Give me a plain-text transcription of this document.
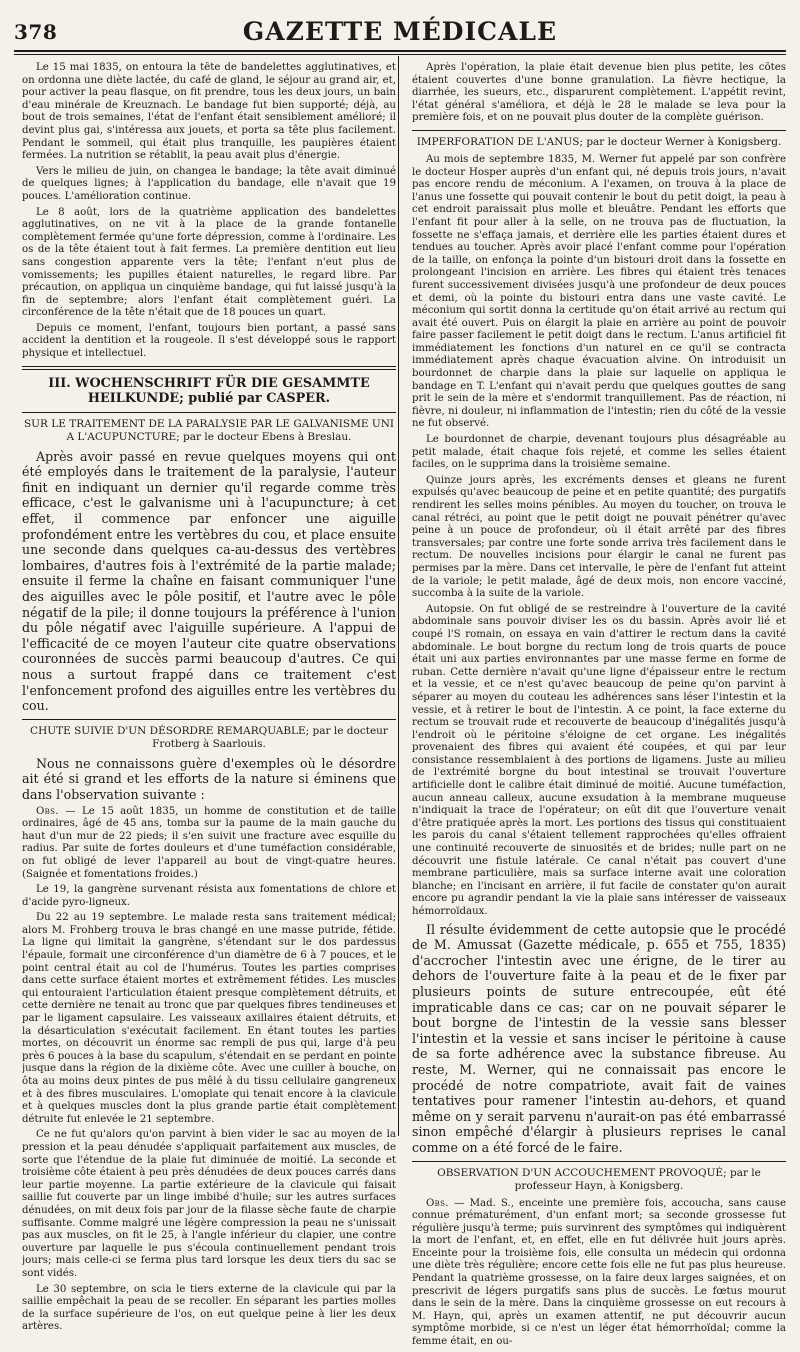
378	GAZETTE MÉDICALE

Le 15 mai 1835, on entoura la tête de bandelettes agglutinatives, et on ordonna une diète lactée, du café de gland, le séjour au grand air, et, pour activer la peau flasque, on fit prendre, tous les deux jours, un bain d'eau minérale de Kreuznach. Le bandage fut bien supporté; déjà, au bout de trois semaines, l'état de l'enfant était sensiblement amélioré; il devint plus gai, s'intéressa aux jouets, et porta sa tête plus facilement. Pendant le sommeil, qui était plus tranquille, les paupières étaient fermées. La nutrition se rétablit, la peau avait plus d'énergie.

Vers le milieu de juin, on changea le bandage; la tête avait diminué de quelques lignes; à l'application du bandage, elle n'avait que 19 pouces. L'amélioration continue.

Le 8 août, lors de la quatrième application des bandelettes agglutinatives, on ne vit à la place de la grande fontanelle complètement fermée qu'une forte dépression, comme à l'ordinaire. Les os de la tête étaient tout à fait fermes. La première dentition eut lieu sans congestion apparente vers la tête; l'enfant n'eut plus de vomissements; les pupilles étaient naturelles, le regard libre. Par précaution, on appliqua un cinquième bandage, qui fut laissé jusqu'à la fin de septembre; alors l'enfant était complètement guéri. La circonférence de la tête n'était que de 18 pouces un quart.

Depuis ce moment, l'enfant, toujours bien portant, a passé sans accident la dentition et la rougeole. Il s'est développé sous le rapport physique et intellectuel.

III. WOCHENSCHRIFT FÜR DIE GESAMMTE HEILKUNDE; publié par CASPER.

SUR LE TRAITEMENT DE LA PARALYSIE PAR LE GALVANISME UNI A L'ACUPUNCTURE; par le docteur Ebens à Breslau.

Après avoir passé en revue quelques moyens qui ont été employés dans le traitement de la paralysie, l'auteur finit en indiquant un dernier qu'il regarde comme très efficace, c'est le galvanisme uni à l'acupuncture; à cet effet, il commence par enfoncer une aiguille profondément entre les vertèbres du cou, et place ensuite une seconde dans quelques ca-au-dessus des vertèbres lombaires, d'autres fois à l'extrémité de la partie malade; ensuite il ferme la chaîne en faisant communiquer l'une des aiguilles avec le pôle positif, et l'autre avec le pôle négatif de la pile; il donne toujours la préférence à l'union du pôle négatif avec l'aiguille supérieure. A l'appui de l'efficacité de ce moyen l'auteur cite quatre observations couronnées de succès parmi beaucoup d'autres. Ce qui nous a surtout frappé dans ce traitement c'est l'enfoncement profond des aiguilles entre les vertèbres du cou.

CHUTE SUIVIE D'UN DÉSORDRE REMARQUABLE; par le docteur Frotberg à Saarlouis.

Nous ne connaissons guère d'exemples où le désordre ait été si grand et les efforts de la nature si éminens que dans l'observation suivante :

Obs. — Le 15 août 1835, un homme de constitution et de taille ordinaires, âgé de 45 ans, tomba sur la paume de la main gauche du haut d'un mur de 22 pieds; il s'en suivit une fracture avec esquille du radius. Par suite de fortes douleurs et d'une tuméfaction considérable, on fut obligé de lever l'appareil au bout de vingt-quatre heures. (Saignée et fomentations froides.)

Le 19, la gangrène survenant résista aux fomentations de chlore et d'acide pyro-ligneux.

Du 22 au 19 septembre. Le malade resta sans traitement médical; alors M. Frohberg trouva le bras changé en une masse putride, fétide. La ligne qui limitait la gangrène, s'étendant sur le dos pardessus l'épaule, formait une circonférence d'un diamètre de 6 à 7 pouces, et le point central était au col de l'humérus. Toutes les parties comprises dans cette surface étaient mortes et extrêmement fétides. Les muscles qui entouraient l'articulation étaient presque complètement détruits, et cette dernière ne tenait au tronc que par quelques fibres tendineuses et par le ligament capsulaire. Les vaisseaux axillaires étaient détruits, et la désarticulation s'exécutait facilement. En étant toutes les parties mortes, on découvrit un énorme sac rempli de pus qui, large d'à peu près 6 pouces à la base du scapulum, s'étendait en se perdant en pointe jusque dans la région de la dixième côte. Avec une cuiller à bouche, on ôta au moins deux pintes de pus mêlé à du tissu cellulaire gangreneux et à des fibres musculaires. L'omoplate qui tenait encore à la clavicule et à quelques muscles dont la plus grande partie était complètement détruite fut enlevée le 21 septembre.

Ce ne fut qu'alors qu'on parvint à bien vider le sac au moyen de la pression et la peau dénudée s'appliquait parfaitement aux muscles, de sorte que l'étendue de la plaie fut diminuée de moitié. La seconde et troisième côte étaient à peu près dénudées de deux pouces carrés dans leur partie moyenne. La partie extérieure de la clavicule qui faisait saillie fut couverte par un linge imbibé d'huile; sur les autres surfaces dénudées, on mit deux fois par jour de la filasse sèche faute de charpie suffisante. Comme malgré une légère compression la peau ne s'unissait pas aux muscles, on fit le 25, à l'angle inférieur du clapier, une contre ouverture par laquelle le pus s'écoula continuellement pendant trois jours; mais celle-ci se ferma plus tard lorsque les deux tiers du sac se sont vidés.

Le 30 septembre, on scia le tiers externe de la clavicule qui par la saillie empêchait la peau de se recoller. En séparant les parties molles de la surface supérieure de l'os, on eut quelque peine à lier les deux artères.

Après l'opération, la plaie était devenue bien plus petite, les côtes étaient couvertes d'une bonne granulation. La fièvre hectique, la diarrhée, les sueurs, etc., disparurent complètement. L'appétit revint, l'état général s'améliora, et déjà le 28 le malade se leva pour la première fois, et on ne pouvait plus douter de la complète guérison.

IMPERFORATION DE L'ANUS; par le docteur Werner à Konigsberg.

Au mois de septembre 1835, M. Werner fut appelé par son confrère le docteur Hosper auprès d'un enfant qui, né depuis trois jours, n'avait pas encore rendu de méconium. A l'examen, on trouva à la place de l'anus une fossette qui pouvait contenir le bout du petit doigt, la peau à cet endroit paraissait plus molle et bleuâtre. Pendant les efforts que l'enfant fit pour aller à la selle, on ne trouva pas de fluctuation, la fossette ne s'effaça jamais, et derrière elle les parties étaient dures et tendues au toucher. Après avoir placé l'enfant comme pour l'opération de la taille, on enfonça la pointe d'un bistouri droit dans la fossette en prolongeant l'incision en arrière. Les fibres qui étaient très tenaces furent successivement divisées jusqu'à une profondeur de deux pouces et demi, où la pointe du bistouri entra dans une vaste cavité. Le méconium qui sortit donna la certitude qu'on était arrivé au rectum qui avait été ouvert. Puis on élargit la plaie en arrière au point de pouvoir faire passer facilement le petit doigt dans le rectum. L'anus artificiel fit immédiatement les fonctions d'un naturel en ce qu'il se contracta immédiatement après chaque évacuation alvine. On introduisit un bourdonnet de charpie dans la plaie sur laquelle on appliqua le bandage en T. L'enfant qui n'avait perdu que quelques gouttes de sang prit le sein de la mère et s'endormit tranquillement. Pas de réaction, ni fièvre, ni douleur, ni inflammation de l'intestin; rien du côté de la vessie ne fut observé.

Le bourdonnet de charpie, devenant toujours plus désagréable au petit malade, était chaque fois rejeté, et comme les selles étaient faciles, on le supprima dans la troisième semaine.

Quinze jours après, les excréments denses et gleans ne furent expulsés qu'avec beaucoup de peine et en petite quantité; des purgatifs rendirent les selles moins pénibles. Au moyen du toucher, on trouva le canal rétréci, au point que le petit doigt ne pouvait pénétrer qu'avec peine à un pouce de profondeur, où il était arrêté par des fibres transversales; par contre une forte sonde arriva très facilement dans le rectum. De nouvelles incisions pour élargir le canal ne furent pas permises par la mère. Dans cet intervalle, le père de l'enfant fut atteint de la variole; le petit malade, âgé de deux mois, non encore vacciné, succomba à la suite de la variole.

Autopsie. On fut obligé de se restreindre à l'ouverture de la cavité abdominale sans pouvoir diviser les os du bassin. Après avoir lié et coupé l'S romain, on essaya en vain d'attirer le rectum dans la cavité abdominale. Le bout borgne du rectum long de trois quarts de pouce était uni aux parties environnantes par une masse ferme en forme de ruban. Cette dernière n'avait qu'une ligne d'épaisseur entre le rectum et la vessie, et ce n'est qu'avec beaucoup de peine qu'on parvint à séparer au moyen du couteau les adhérences sans léser l'intestin et la vessie, et à retirer le bout de l'intestin. A ce point, la face externe du rectum se trouvait rude et recouverte de beaucoup d'inégalités jusqu'à l'endroit où le péritoine s'éloigne de cet organe. Les inégalités provenaient des fibres qui avaient été coupées, et qui par leur consistance ressemblaient à des portions de ligamens. Juste au milieu de l'extrémité borgne du bout intestinal se trouvait l'ouverture artificielle dont le calibre était diminué de moitié. Aucune tuméfaction, aucun anneau calleux, aucune exsudation à la membrane muqueuse n'indiquait la trace de l'opérateur; on eût dit que l'ouverture venait d'être pratiquée après la mort. Les portions des tissus qui constituaient les parois du canal s'étaient tellement rapprochées qu'elles offraient une continuité recouverte de sinuosités et de brides; nulle part on ne découvrit une fistule latérale. Ce canal n'était pas couvert d'une membrane particulière, mais sa surface interne avait une coloration blanche; en l'incisant en arrière, il fut facile de constater qu'on aurait encore pu agrandir pendant la vie la plaie sans intéresser de vaisseaux hémorroïdaux.

Il résulte évidemment de cette autopsie que le procédé de M. Amussat (Gazette médicale, p. 655 et 755, 1835) d'accrocher l'intestin avec une érigne, de le tirer au dehors de l'ouverture faite à la peau et de le fixer par plusieurs points de suture entrecoupée, eût été impraticable dans ce cas; car on ne pouvait séparer le bout borgne de l'intestin de la vessie sans blesser l'intestin et la vessie et sans inciser le péritoine à cause de sa forte adhérence avec la substance fibreuse. Au reste, M. Werner, qui ne connaissait pas encore le procédé de notre compatriote, avait fait de vaines tentatives pour ramener l'intestin au-dehors, et quand même on y serait parvenu n'aurait-on pas été embarrassé sinon empêché d'élargir à plusieurs reprises le canal comme on a été forcé de le faire.

OBSERVATION D'UN ACCOUCHEMENT PROVOQUÉ; par le professeur Hayn, à Konigsberg.

Obs. — Mad. S., enceinte une première fois, accoucha, sans cause connue prématurément, d'un enfant mort; sa seconde grossesse fut régulière jusqu'à terme; puis survinrent des symptômes qui indiquèrent la mort de l'enfant, et, en effet, elle en fut délivrée huit jours après. Enceinte pour la troisième fois, elle consulta un médecin qui ordonna une diète très régulière; encore cette fois elle ne fut pas plus heureuse. Pendant la quatrième grossesse, on la faire deux larges saignées, et on prescrivit de légers purgatifs sans plus de succès. Le fœtus mourut dans le sein de la mère. Dans la cinquième grossesse on eut recours à M. Hayn, qui, après un examen attentif, ne put découvrir aucun symptôme morbide, si ce n'est un léger état hémorrhoïdal; comme la femme était, en ou-
